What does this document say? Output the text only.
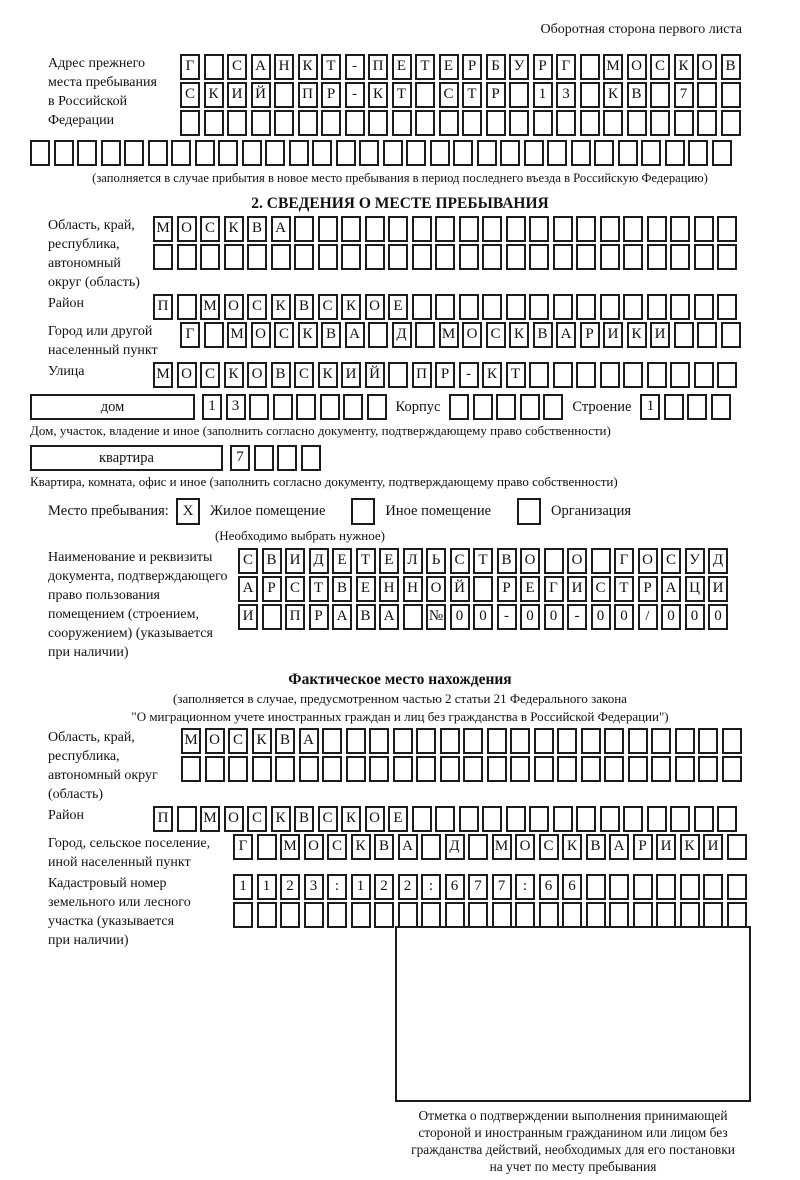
Оборотная сторона первого листа
Адрес прежнего
места пребывания
в Российской
Федерации
Г	С А Н К Т	-	П Е Т Е Р	Б У Р Г	М О С К О В
С К И Й	П Р	-	К Т	С Т Р	1	3	К В	7
(заполняется в случае прибытия в новое место пребывания в период последнего въезда в Российскую Федерацию)
2. СВЕДЕНИЯ О МЕСТЕ ПРЕБЫВАНИЯ
Область, край,
республика,
автономный
округ (область)
М О С К В А
Район	П	М О С К В С К О Е
Город или другой
населенный пункт
Г	М О С К В А	Д	М О С К В А Р И К И
Улица	М О С К О В С К И Й	П Р	-	К Т
дом	1	3	Корпус	Строение	1
Дом, участок, владение и иное (заполнить согласно документу, подтверждающему право собственности)
квартира	7
Квартира, комната, офис и иное (заполнить согласно документу, подтверждающему право собственности)
Место пребывания: X	Жилое помещение	Иное помещение	Организация
(Необходимо выбрать нужное)
Наименование и реквизиты
документа, подтверждающего
право пользования
помещением (строением,
сооружением) (указывается
при наличии)
С В И Д Е Т Е Л Ь С Т В О	О	Г О С У Д
А Р С Т В Е Н Н О Й	Р Е Г И С Т Р А Ц И
И	П Р А В А	№ 0	0	-	0	0	-	0	0	/	0	0	0
Фактическое место нахождения
(заполняется в случае, предусмотренном частью 2 статьи 21 Федерального закона
"О миграционном учете иностранных граждан и лиц без гражданства в Российской Федерации")
Область, край,
республика,
автономный округ
(область)
М О С К В А
Район	П	М О С К В С К О Е
Город, сельское поселение,
иной населенный пункт
Г	М О С К В А	Д	М О С К В А Р И К И
Кадастровый номер
земельного или лесного
участка (указывается
при наличии)
1	1	2	3	:	1	2	2	:	6	7	7	:	6	6
Отметка о подтверждении выполнения принимающей
стороной и иностранным гражданином или лицом без
гражданства действий, необходимых для его постановки
на учет по месту пребывания
